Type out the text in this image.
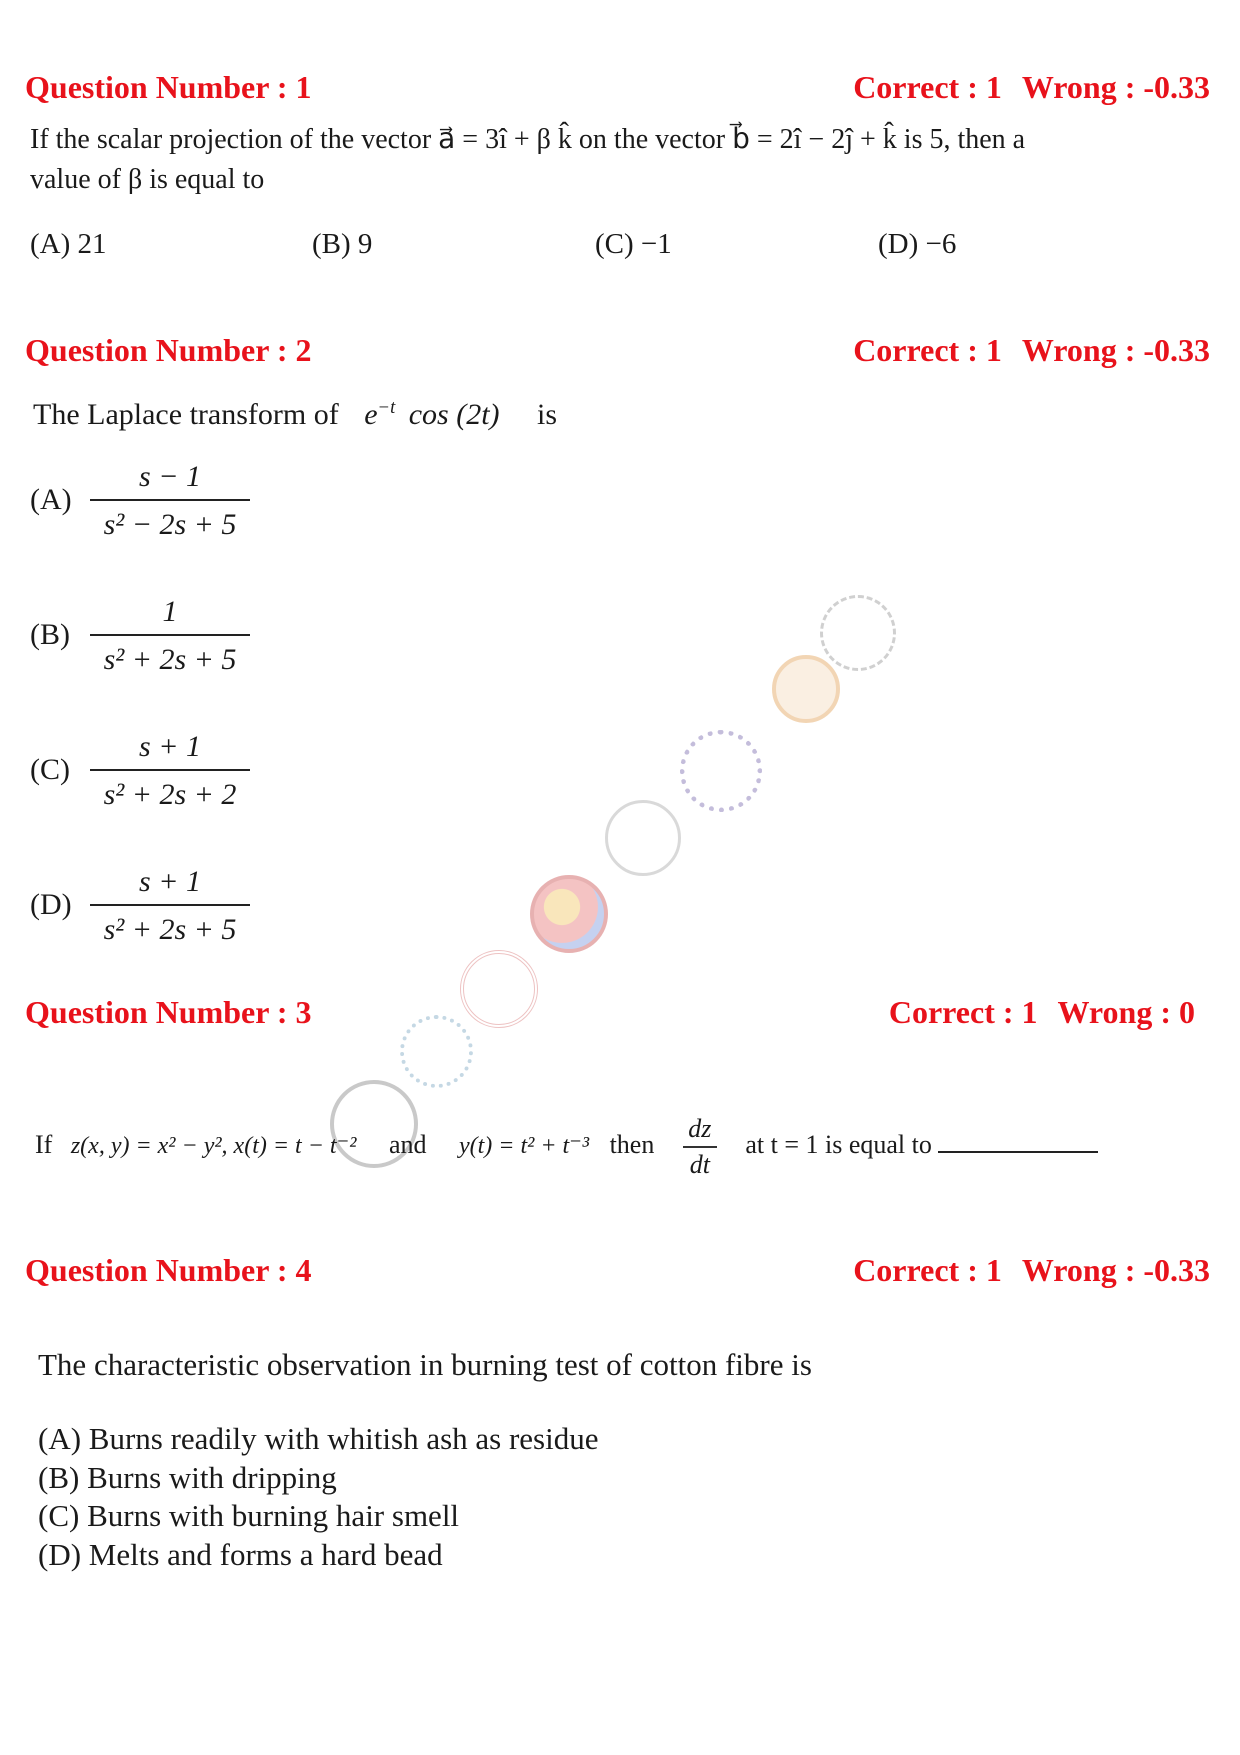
Question Number : 1	Correct : 1 Wrong : -0.33
If the scalar projection of the vector a⃗ = 3î + β k̂ on the vector b⃗ = 2î − 2ĵ + k̂ is 5, then a
value of β is equal to
(A) 21	(B) 9	(C) −1	(D) −6
Question Number : 2	Correct : 1 Wrong : -0.33
The Laplace transform of $e^{-t}$ cos (2t) is
(A)
s − 1
s² − 2s + 5
(B)
1
s² + 2s + 5
(C)
s + 1
s² + 2s + 2
(D)
s + 1
s² + 2s + 5
Question Number : 3	Correct : 1 Wrong : 0
If z(x, y) = x² − y², x(t) = t − t⁻² and y(t) = t² + t⁻³ then $\frac{dz}{dt}$ at t = 1 is equal to
Question Number : 4	Correct : 1 Wrong : -0.33
The characteristic observation in burning test of cotton fibre is
(A) Burns readily with whitish ash as residue
(B) Burns with dripping
(C) Burns with burning hair smell
(D) Melts and forms a hard bead
